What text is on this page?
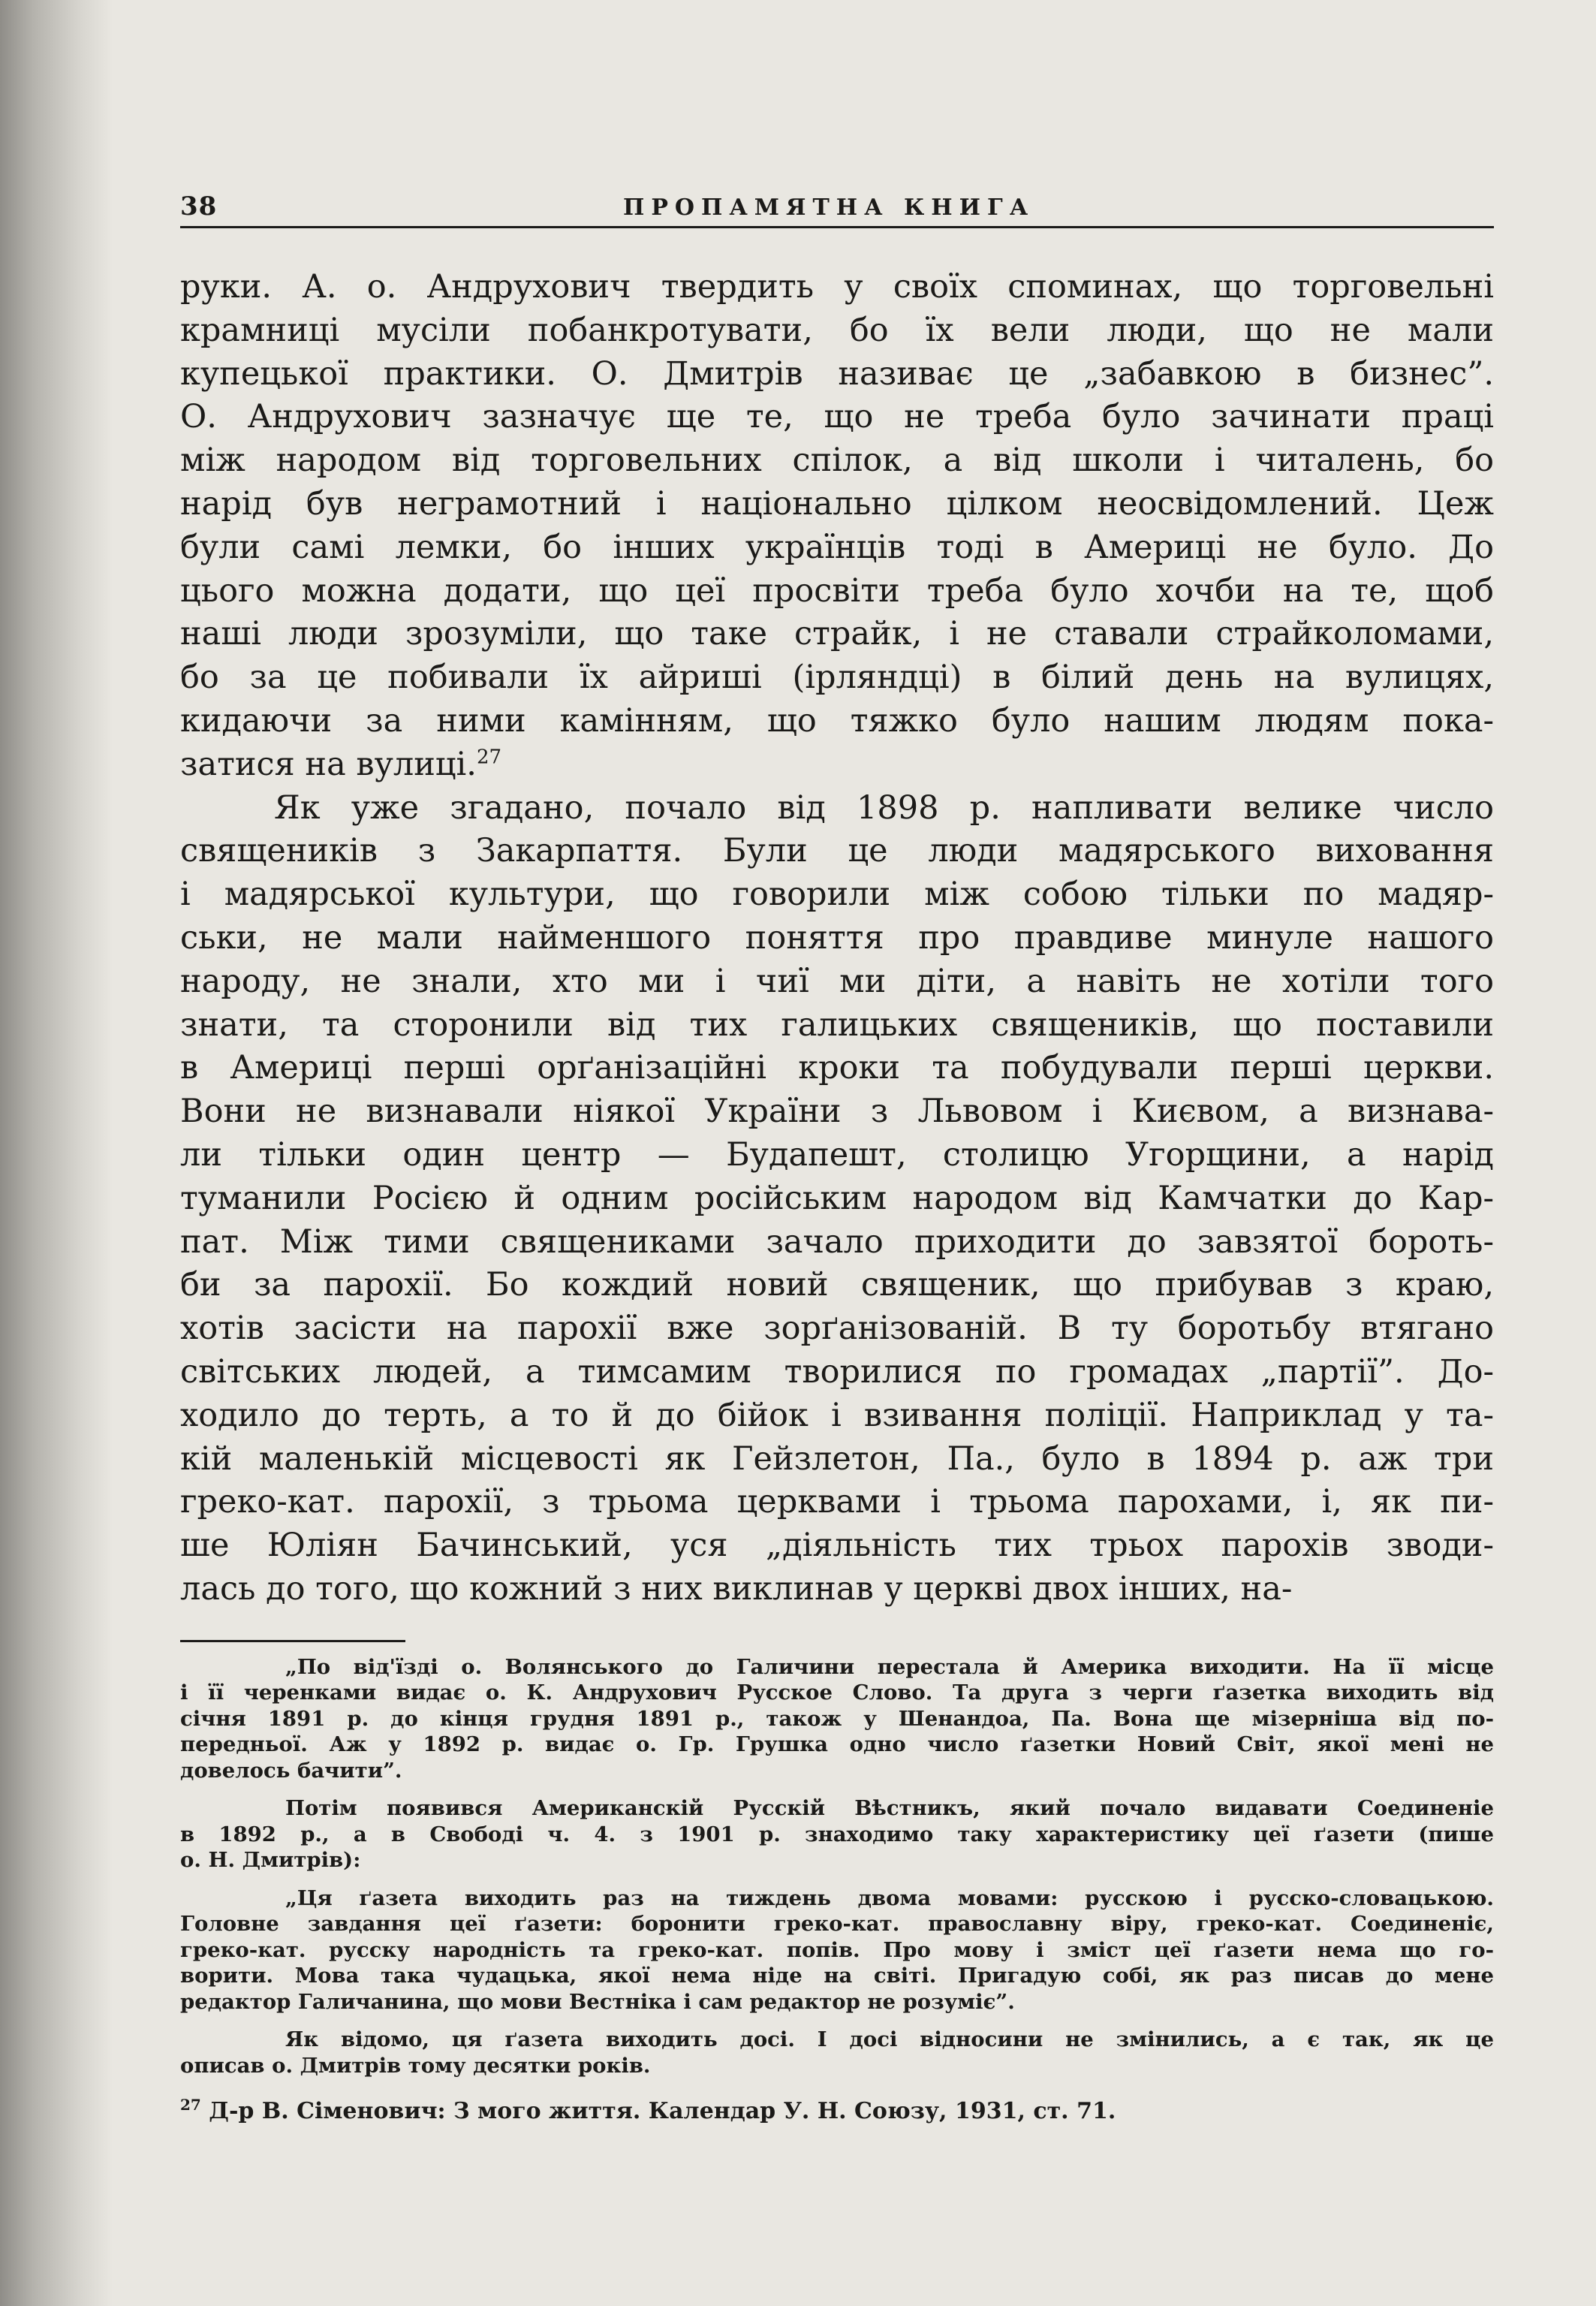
38	ПРОПАМЯТНА КНИГА
руки. А. о. Андрухович твердить у своїх споминах, що торговельні
крамниці мусіли побанкротувати, бо їх вели люди, що не мали
купецької практики. О. Дмитрів називає це „забавкою в бизнес”.
О. Андрухович зазначує ще те, що не треба було зачинати праці
між народом від торговельних спілок, а від школи і читалень, бо
нарід був неграмотний і національно цілком неосвідомлений. Цеж
були самі лемки, бо інших українців тоді в Америці не було. До
цього можна додати, що цеї просвіти треба було хочби на те, щоб
наші люди зрозуміли, що таке страйк, і не ставали страйколомами,
бо за це побивали їх айриші (ірляндці) в білий день на вулицях,
кидаючи за ними камінням, що тяжко було нашим людям пока-
затися на вулиці.$^{27}$
Як уже згадано, почало від 1898 р. напливати велике число
священиків з Закарпаття. Були це люди мадярського виховання
і мадярської культури, що говорили між собою тільки по мадяр-
ськи, не мали найменшого поняття про правдиве минуле нашого
народу, не знали, хто ми і чиї ми діти, а навіть не хотіли того
знати, та сторонили від тих галицьких священиків, що поставили
в Америці перші орґанізаційні кроки та побудували перші церкви.
Вони не визнавали ніякої України з Львовом і Києвом, а визнава-
ли тільки один центр — Будапешт, столицю Угорщини, а нарід
туманили Росією й одним російським народом від Камчатки до Кар-
пат. Між тими священиками зачало приходити до завзятої бороть-
би за парохії. Бо кождий новий священик, що прибував з краю,
хотів засісти на парохії вже зорґанізованій. В ту боротьбу втягано
світських людей, а тимсамим творилися по громадах „партії”. До-
ходило до терть, а то й до бійок і взивання поліції. Наприклад у та-
кій маленькій місцевості як Гейзлетон, Па., було в 1894 р. аж три
греко-кат. парохії, з трьома церквами і трьома парохами, і, як пи-
ше Юліян Бачинський, уся „діяльність тих трьох парохів зводи-
лась до того, що кожний з них виклинав у церкві двох інших, на-
„По від'їзді о. Волянського до Галичини перестала й Америка виходити. На її місце
і її черенками видає о. К. Андрухович Русское Слово. Та друга з черги ґазетка виходить від
січня 1891 р. до кінця грудня 1891 р., також у Шенандоа, Па. Вона ще мізерніша від по-
передньої. Аж у 1892 р. видає о. Гр. Грушка одно число ґазетки Новий Світ, якої мені не
довелось бачити”.
Потім появився Американскій Русскій Вѣстникъ, який почало видавати Соединеніе
в 1892 р., а в Свободі ч. 4. з 1901 р. знаходимо таку характеристику цеї ґазети (пише
о. Н. Дмитрів):
„Ця ґазета виходить раз на тиждень двома мовами: русскою і русско-словацькою.
Головне завдання цеї ґазети: боронити греко-кат. православну віру, греко-кат. Соединеніє,
греко-кат. русску народність та греко-кат. попів. Про мову і зміст цеї ґазети нема що го-
ворити. Мова така чудацька, якої нема ніде на світі. Пригадую собі, як раз писав до мене
редактор Галичанина, що мови Вестніка і сам редактор не розуміє”.
Як відомо, ця ґазета виходить досі. І досі відносини не змінились, а є так, як це
описав о. Дмитрів тому десятки років.
$^{27}$ Д-р В. Сіменович: З мого життя. Календар У. Н. Союзу, 1931, ст. 71.
